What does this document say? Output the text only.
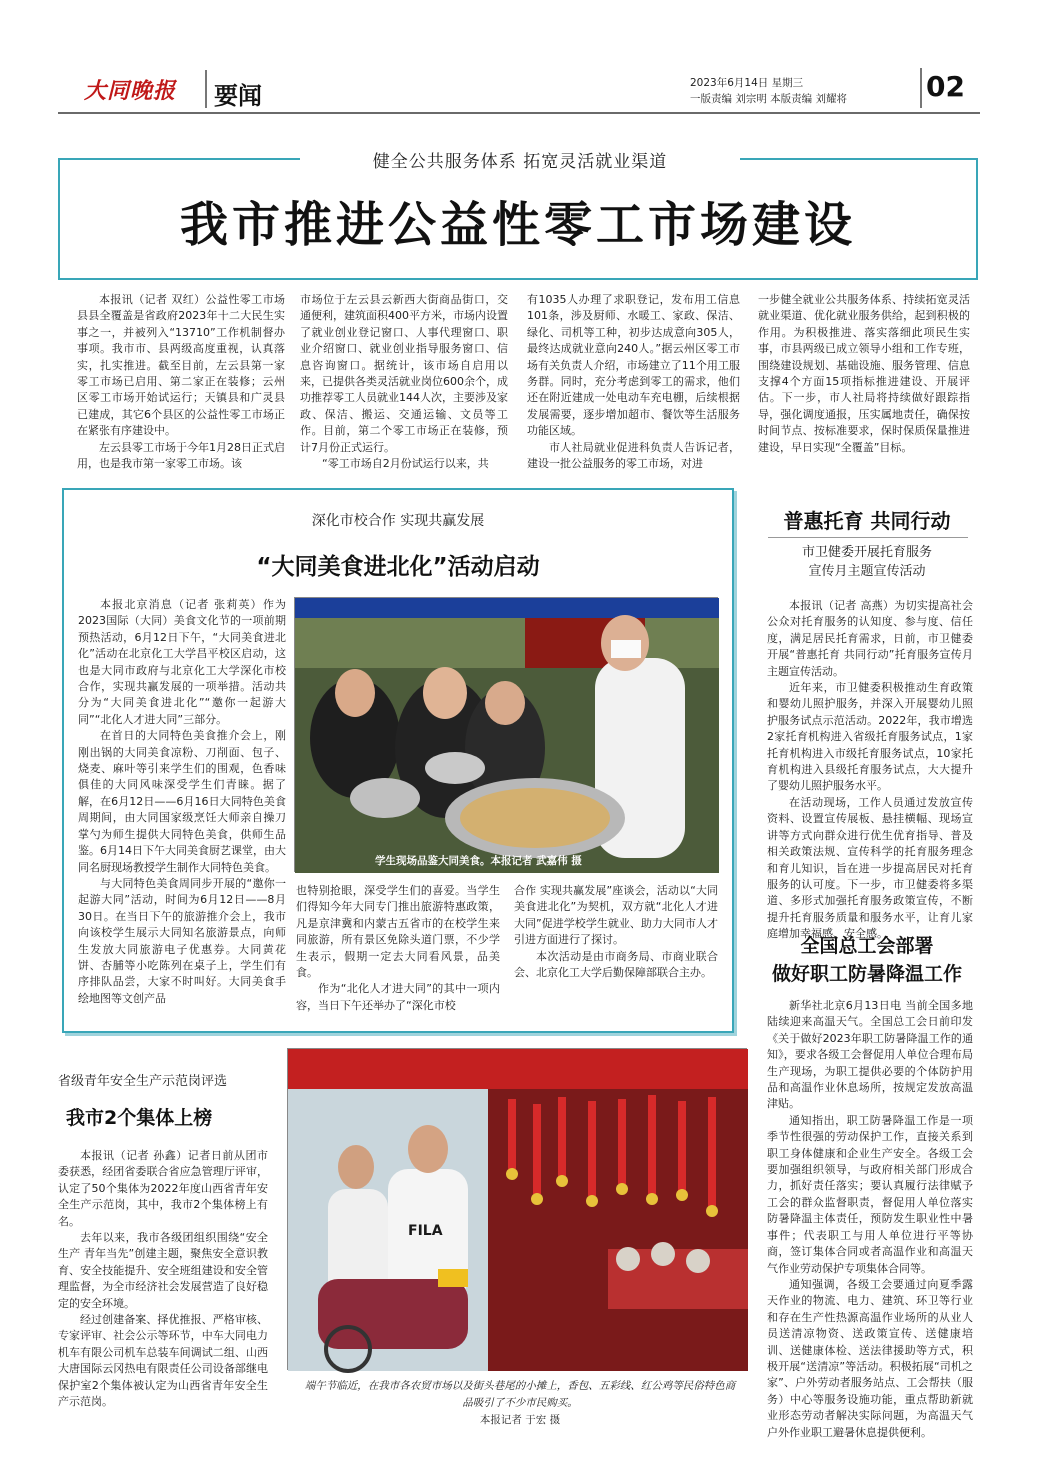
大同晚报	要闻	2023年6月14日 星期三
一版责编 刘宗明 本版责编 刘耀将	02
健全公共服务体系 拓宽灵活就业渠道
我市推进公益性零工市场建设

本报讯（记者 双红）公益性零工市场县县全覆盖是省政府2023年十二大民生实事之一，并被列入“13710”工作机制督办事项。我市市、县两级高度重视，认真落实，扎实推进。截至目前，左云县第一家零工市场已启用、第二家正在装修；云州区零工市场开始试运行；天镇县和广灵县已建成，其它6个县区的公益性零工市场正在紧张有序建设中。

左云县零工市场于今年1月28日正式启用，也是我市第一家零工市场。该

市场位于左云县云新西大街商品街口，交通便利，建筑面积400平方米，市场内设置了就业创业登记窗口、人事代理窗口、职业介绍窗口、就业创业指导服务窗口、信息咨询窗口。据统计，该市场自启用以来，已提供各类灵活就业岗位600余个，成功推荐零工人员就业144人次，主要涉及家政、保洁、搬运、交通运输、文员等工作。目前，第二个零工市场正在装修，预计7月份正式运行。

“零工市场自2月份试运行以来，共

有1035人办理了求职登记，发布用工信息101条，涉及厨师、水暖工、家政、保洁、绿化、司机等工种，初步达成意向305人，最终达成就业意向240人。”据云州区零工市场有关负责人介绍，市场建立了11个用工服务群。同时，充分考虑到零工的需求，他们还在附近建成一处电动车充电棚，后续根据发展需要，逐步增加超市、餐饮等生活服务功能区域。

市人社局就业促进科负责人告诉记者，建设一批公益服务的零工市场，对进

一步健全就业公共服务体系、持续拓宽灵活就业渠道、优化就业服务供给，起到积极的作用。为积极推进、落实落细此项民生实事，市县两级已成立领导小组和工作专班，围绕建设规划、基础设施、服务管理、信息支撑4个方面15项指标推进建设、开展评估。下一步，市人社局将持续做好跟踪指导，强化调度通报，压实属地责任，确保按时间节点、按标准要求，保时保质保量推进建设，早日实现“全覆盖”目标。

深化市校合作 实现共赢发展
“大同美食进北化”活动启动

本报北京消息（记者 张莉英）作为2023国际（大同）美食文化节的一项前期预热活动，6月12日下午，“大同美食进北化”活动在北京化工大学昌平校区启动，这也是大同市政府与北京化工大学深化市校合作，实现共赢发展的一项举措。活动共分为“大同美食进北化”“邀你一起游大同”“北化人才进大同”三部分。

在首日的大同特色美食推介会上，刚刚出锅的大同美食凉粉、刀削面、包子、烧麦、麻叶等引来学生们的围观，色香味俱佳的大同风味深受学生们青睐。据了解，在6月12日——6月16日大同特色美食周期间，由大同国家级烹饪大师亲自操刀掌勺为师生提供大同特色美食，供师生品鉴。6月14日下午大同美食厨艺课堂，由大同名厨现场教授学生制作大同特色美食。

与大同特色美食周同步开展的“邀你一起游大同”活动，时间为6月12日——8月30日。在当日下午的旅游推介会上，我市向该校学生展示大同知名旅游景点，向师生发放大同旅游电子优惠券。大同黄花饼、杏脯等小吃陈列在桌子上，学生们有序排队品尝，大家不时叫好。大同美食手绘地图等文创产品

学生现场品鉴大同美食。本报记者 武嘉伟 摄

也特别抢眼，深受学生们的喜爱。当学生们得知今年大同专门推出旅游特惠政策，凡是京津冀和内蒙古五省市的在校学生来同旅游，所有景区免除头道门票，不少学生表示，假期一定去大同看风景，品美食。

作为“北化人才进大同”的其中一项内容，当日下午还举办了“深化市校

合作 实现共赢发展”座谈会，活动以“大同美食进北化”为契机，双方就“北化人才进大同”促进学校学生就业、助力大同市人才引进方面进行了探讨。

本次活动是由市商务局、市商业联合会、北京化工大学后勤保障部联合主办。

普惠托育 共同行动
市卫健委开展托育服务
宣传月主题宣传活动

本报讯（记者 高燕）为切实提高社会公众对托育服务的认知度、参与度、信任度，满足居民托育需求，日前，市卫健委开展“普惠托育 共同行动”托育服务宣传月主题宣传活动。

近年来，市卫健委积极推动生育政策和婴幼儿照护服务，并深入开展婴幼儿照护服务试点示范活动。2022年，我市增选2家托育机构进入省级托育服务试点，1家托育机构进入市级托育服务试点，10家托育机构进入县级托育服务试点，大大提升了婴幼儿照护服务水平。

在活动现场，工作人员通过发放宣传资料、设置宣传展板、悬挂横幅、现场宣讲等方式向群众进行优生优育指导、普及相关政策法规、宣传科学的托育服务理念和育儿知识，旨在进一步提高居民对托育服务的认可度。下一步，市卫健委将多渠道、多形式加强托育服务政策宣传，不断提升托育服务质量和服务水平，让育儿家庭增加幸福感、安全感。

全国总工会部署
做好职工防暑降温工作

新华社北京6月13日电 当前全国多地陆续迎来高温天气。全国总工会日前印发《关于做好2023年职工防暑降温工作的通知》，要求各级工会督促用人单位合理布局生产现场，为职工提供必要的个体防护用品和高温作业休息场所，按规定发放高温津贴。

通知指出，职工防暑降温工作是一项季节性很强的劳动保护工作，直接关系到职工身体健康和企业生产安全。各级工会要加强组织领导，与政府相关部门形成合力，抓好责任落实；要认真履行法律赋予工会的群众监督职责，督促用人单位落实防暑降温主体责任，预防发生职业性中暑事件；代表职工与用人单位进行平等协商，签订集体合同或者高温作业和高温天气作业劳动保护专项集体合同等。

通知强调，各级工会要通过向夏季露天作业的物流、电力、建筑、环卫等行业和存在生产性热源高温作业场所的从业人员送清凉物资、送政策宣传、送健康培训、送健康体检、送法律援助等方式，积极开展“送清凉”等活动。积极拓展“司机之家”、户外劳动者服务站点、工会帮扶（服务）中心等服务设施功能，重点帮助新就业形态劳动者解决实际问题，为高温天气户外作业职工避暑休息提供便利。

省级青年安全生产示范岗评选
我市2个集体上榜

本报讯（记者 孙鑫）记者日前从团市委获悉，经团省委联合省应急管理厅评审，认定了50个集体为2022年度山西省青年安全生产示范岗，其中，我市2个集体榜上有名。

去年以来，我市各级团组织围绕“安全生产 青年当先”创建主题，聚焦安全意识教育、安全技能提升、安全班组建设和安全管理监督，为全市经济社会发展营造了良好稳定的安全环境。

经过创建备案、择优推报、严格审核、专家评审、社会公示等环节，中车大同电力机车有限公司机车总装车间调试二组、山西大唐国际云冈热电有限责任公司设备部继电保护室2个集体被认定为山西省青年安全生产示范岗。

FILA
端午节临近，在我市各农贸市场以及街头巷尾的小摊上，香包、五彩线、红公鸡等民俗特色商品吸引了不少市民购买。
本报记者 于宏 摄
